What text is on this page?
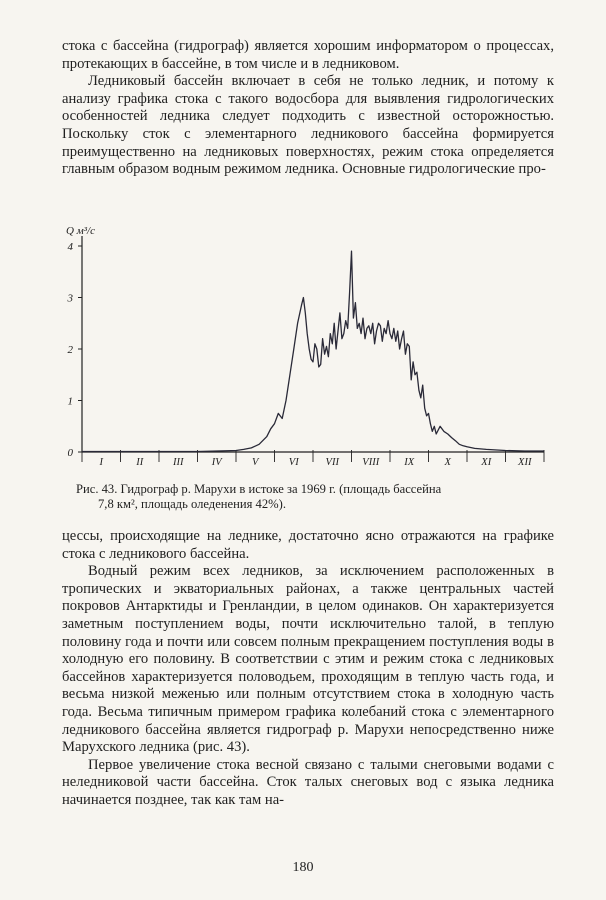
стока с бассейна (гидрограф) является хорошим информатором о процессах, протекающих в бассейне, в том числе и в ледниковом.

Ледниковый бассейн включает в себя не только ледник, и потому к анализу графика стока с такого водосбора для выявления гидрологических особенностей ледника следует подходить с известной осторожностью. Поскольку сток с элементарного ледникового бассейна формируется преимущественно на ледниковых поверхностях, режим стока определяется главным образом водным режимом ледника. Основные гидрологические про-

Q м³/с
0
1
2
3
4
I	II	III	IV	V	VI	VII VIII IX	X	XI	XII
Рис. 43. Гидрограф р. Марухи в истоке за 1969 г. (площадь бассейна
7,8 км², площадь оледенения 42%).

цессы, происходящие на леднике, достаточно ясно отражаются на графике стока с ледникового бассейна.

Водный режим всех ледников, за исключением расположенных в тропических и экваториальных районах, а также центральных частей покровов Антарктиды и Гренландии, в целом одинаков. Он характеризуется заметным поступлением воды, почти исключительно талой, в теплую половину года и почти или совсем полным прекращением поступления воды в холодную его половину. В соответствии с этим и режим стока с ледниковых бассейнов характеризуется половодьем, проходящим в теплую часть года, и весьма низкой меженью или полным отсутствием стока в холодную часть года. Весьма типичным примером графика колебаний стока с элементарного ледникового бассейна является гидрограф р. Марухи непосредственно ниже Марухского ледника (рис. 43).

Первое увеличение стока весной связано с талыми снеговыми водами с неледниковой части бассейна. Сток талых снеговых вод с языка ледника начинается позднее, так как там на-

180
